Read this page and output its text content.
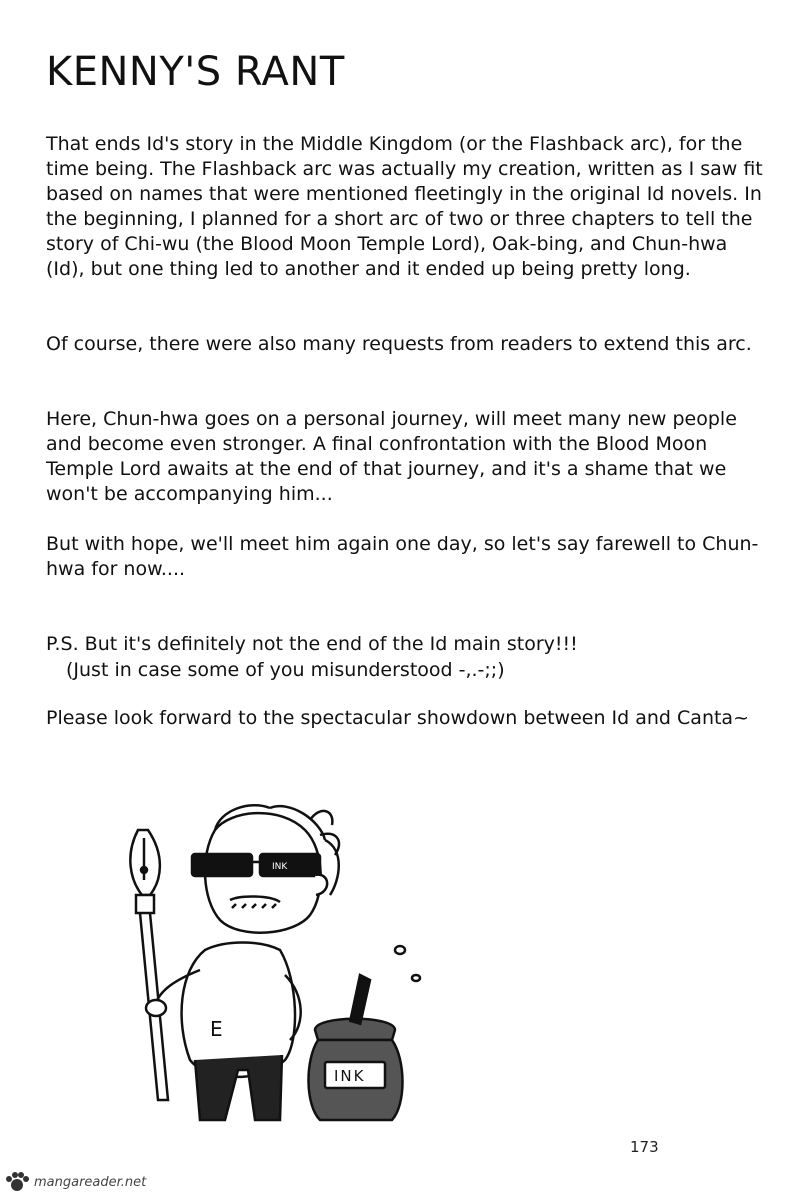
KENNY'S RANT

That ends Id's story in the Middle Kingdom (or the Flashback arc), for the time being. The Flashback arc was actually my creation, written as I saw fit based on names that were mentioned fleetingly in the original Id novels. In the beginning, I planned for a short arc of two or three chapters to tell the story of Chi-wu (the Blood Moon Temple Lord), Oak-bing, and Chun-hwa (Id), but one thing led to another and it ended up being pretty long.

Of course, there were also many requests from readers to extend this arc.

Here, Chun-hwa goes on a personal journey, will meet many new people and become even stronger. A final confrontation with the Blood Moon Temple Lord awaits at the end of that journey, and it's a shame that we won't be accompanying him...

But with hope, we'll meet him again one day, so let's say farewell to Chun-hwa for now....

P.S. But it's definitely not the end of the Id main story!!!

(Just in case some of you misunderstood -,.-;;)

Please look forward to the spectacular showdown between Id and Canta~

INK
E
INK
173
mangareader.net
